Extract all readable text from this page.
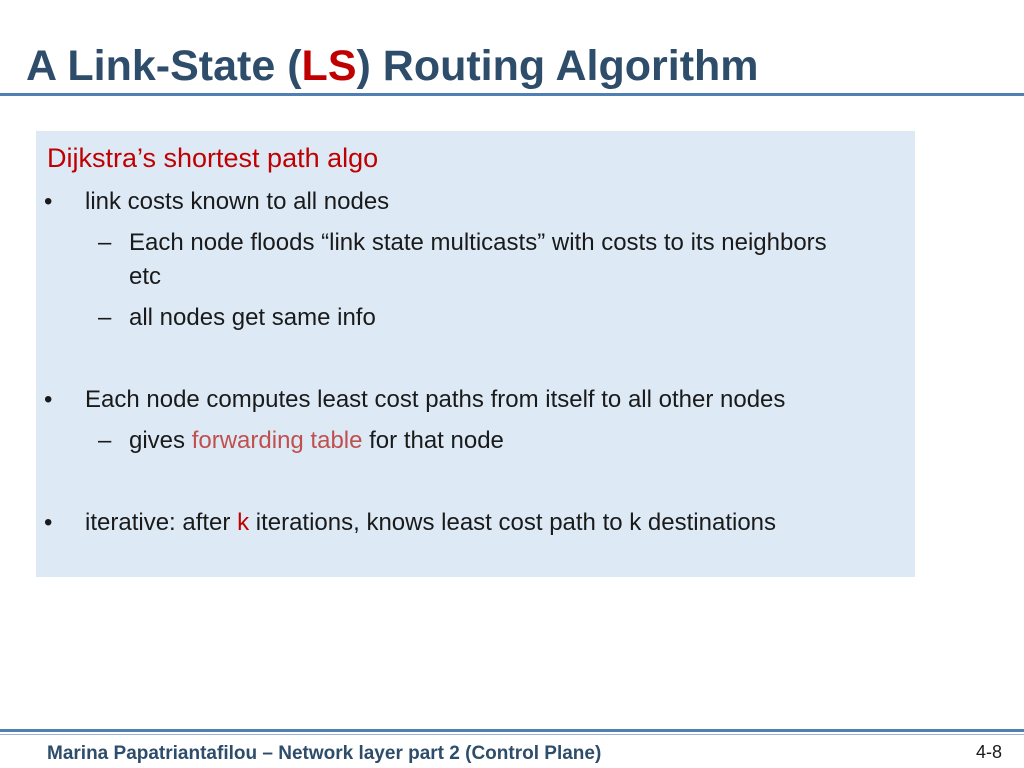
A Link-State (LS) Routing Algorithm
Dijkstra’s shortest path algo
• link costs known to all nodes
– Each node floods “link state multicasts” with costs to its neighbors
etc
– all nodes get same info
• Each node computes least cost paths from itself to all other nodes
– gives forwarding table for that node
• iterative: after k iterations, knows least cost path to k destinations
Marina Papatriantafilou – Network layer part 2 (Control Plane)	4-8
